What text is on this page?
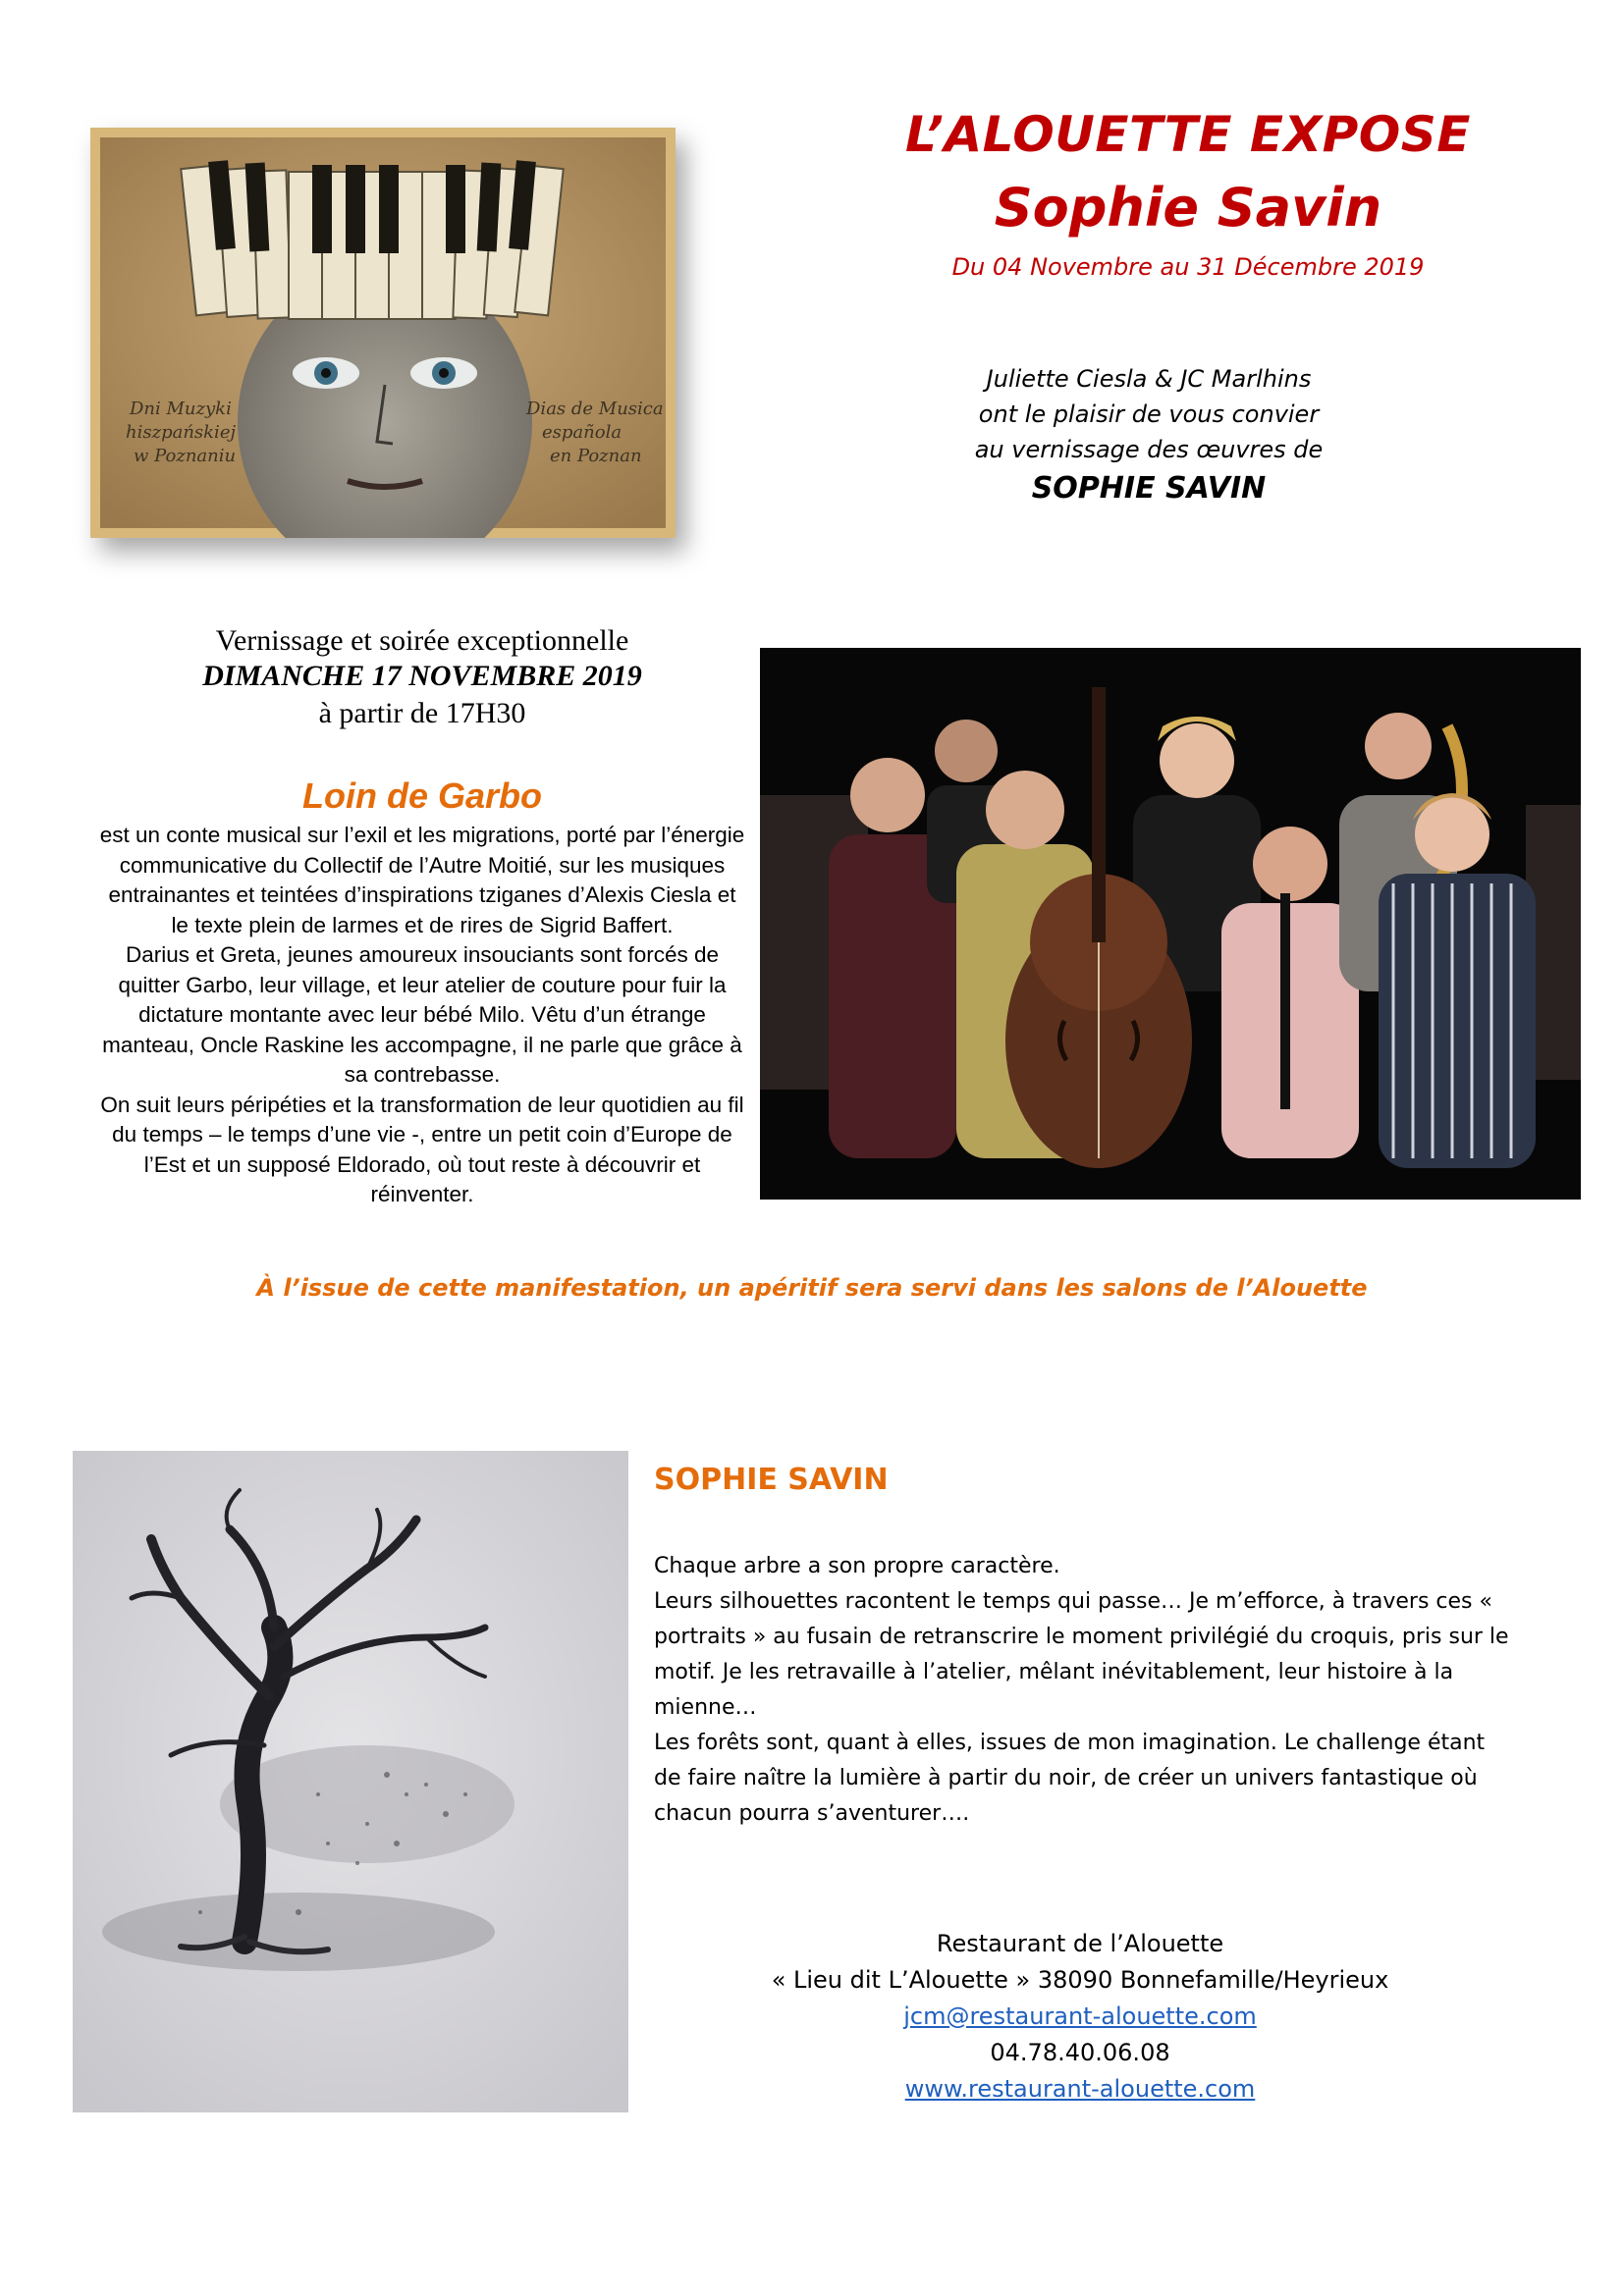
L’ALOUETTE EXPOSE
Sophie Savin
Du 04 Novembre au 31 Décembre 2019
Juliette Ciesla & JC Marlhins
ont le plaisir de vous convier
au vernissage des œuvres de
SOPHIE SAVIN
Dni Muzyki
hiszpańskiej
w Poznaniu
Dias de Musica
española
en Poznan
Vernissage et soirée exceptionnelle
DIMANCHE 17 NOVEMBRE 2019
à partir de 17H30
Loin de Garbo

est un conte musical sur l’exil et les migrations, porté par l’énergie communicative du Collectif de l’Autre Moitié, sur les musiques entrainantes et teintées d’inspirations tziganes d’Alexis Ciesla et le texte plein de larmes et de rires de Sigrid Baffert.

Darius et Greta, jeunes amoureux insouciants sont forcés de quitter Garbo, leur village, et leur atelier de couture pour fuir la dictature montante avec leur bébé Milo. Vêtu d’un étrange manteau, Oncle Raskine les accompagne, il ne parle que grâce à sa contrebasse.

On suit leurs péripéties et la transformation de leur quotidien au fil du temps – le temps d’une vie -, entre un petit coin d’Europe de l’Est et un supposé Eldorado, où tout reste à découvrir et réinventer.

À l’issue de cette manifestation, un apéritif sera servi dans les salons de l’Alouette
SOPHIE SAVIN

Chaque arbre a son propre caractère.

Leurs silhouettes racontent le temps qui passe… Je m’efforce, à travers ces « portraits » au fusain de retranscrire le moment privilégié du croquis, pris sur le motif. Je les retravaille à l’atelier, mêlant inévitablement, leur histoire à la mienne…

Les forêts sont, quant à elles, issues de mon imagination. Le challenge étant de faire naître la lumière à partir du noir, de créer un univers fantastique où chacun pourra s’aventurer….

Restaurant de l’Alouette
« Lieu dit L’Alouette » 38090 Bonnefamille/Heyrieux
jcm@restaurant-alouette.com
04.78.40.06.08
www.restaurant-alouette.com
